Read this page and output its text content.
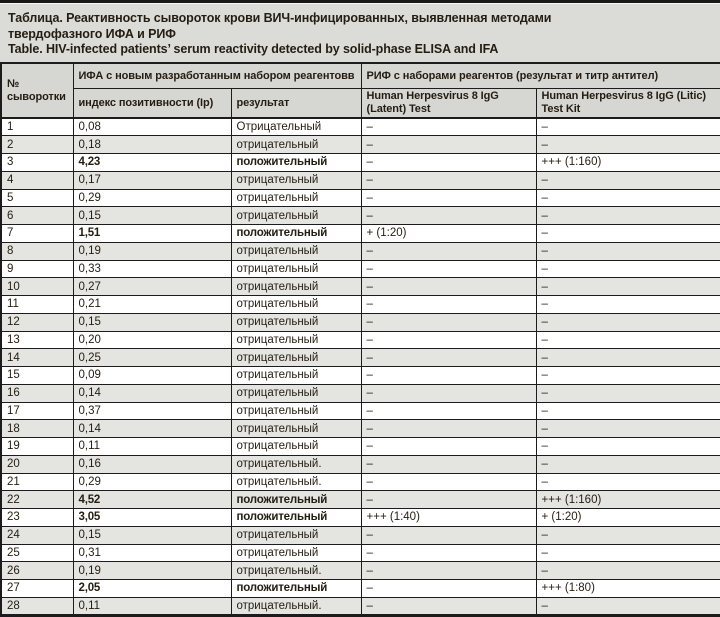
Таблица. Реактивность сывороток крови ВИЧ-инфицированных, выявленная методами
твердофазного ИФА и РИФ
Table. HIV-infected patients’ serum reactivity detected by solid-phase ELISA and IFA
№ сыворотки	ИФА с новым разработанным набором реагентовв		РИФ с наборами реагентов (результат и титр антител)	
	индекс позитивности (Ip)	результат	Human Herpesvirus 8 IgG (Latent) Test	Human Herpesvirus 8 IgG (Litic) Test Kit
1	0,08	Отрицательный	–	–
2	0,18	отрицательный	–	–
3	4,23	положительный	–	+++ (1:160)
4	0,17	отрицательный	–	–
5	0,29	отрицательный	–	–
6	0,15	отрицательный	–	–
7	1,51	положительный	+ (1:20)	–
8	0,19	отрицательный	–	–
9	0,33	отрицательный	–	–
10	0,27	отрицательный	–	–
11	0,21	отрицательный	–	–
12	0,15	отрицательный	–	–
13	0,20	отрицательный	–	–
14	0,25	отрицательный	–	–
15	0,09	отрицательный	–	–
16	0,14	отрицательный	–	–
17	0,37	отрицательный	–	–
18	0,14	отрицательный	–	–
19	0,11	отрицательный	–	–
20	0,16	отрицательный.	–	–
21	0,29	отрицательный.	–	–
22	4,52	положительный	–	+++ (1:160)
23	3,05	положительный	+++ (1:40)	+ (1:20)
24	0,15	отрицательный	–	–
25	0,31	отрицательный	–	–
26	0,19	отрицательный.	–	–
27	2,05	положительный	–	+++ (1:80)
28	0,11	отрицательный.	–	–
